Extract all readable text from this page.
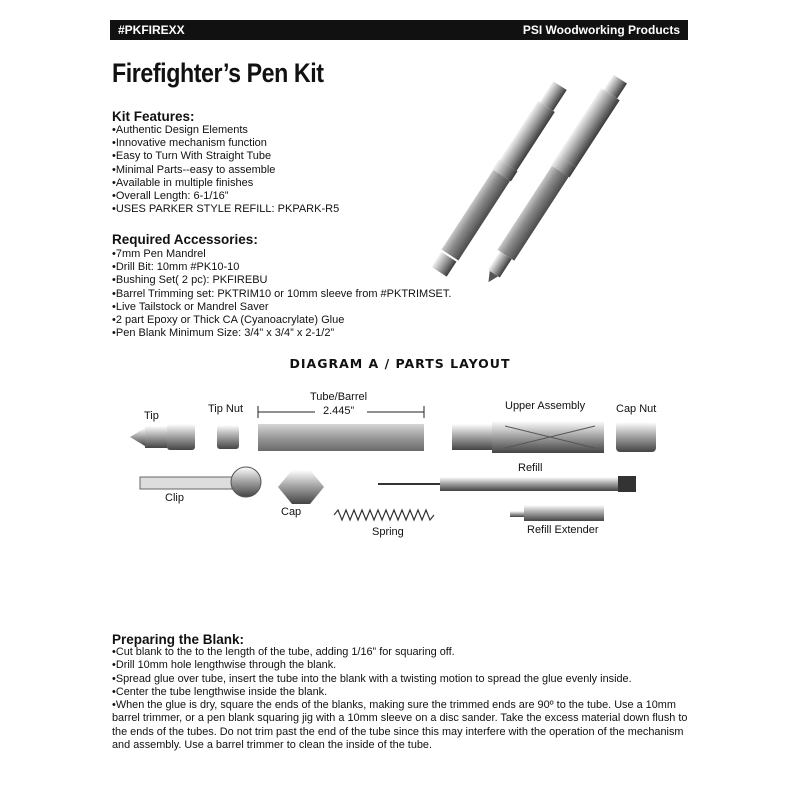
#PKFIREXX	PSI Woodworking Products
Firefighter’s Pen Kit
Kit Features:
• Authentic Design Elements
• Innovative mechanism function
• Easy to Turn With Straight Tube
• Minimal Parts--easy to assemble
• Available in multiple finishes
• Overall Length: 6-1/16”
• USES PARKER STYLE REFILL: PKPARK-R5
Required Accessories:
• 7mm Pen Mandrel
• Drill Bit: 10mm #PK10-10
• Bushing Set( 2 pc): PKFIREBU
• Barrel Trimming set: PKTRIM10 or 10mm sleeve from #PKTRIMSET.
• Live Tailstock or Mandrel Saver
• 2 part Epoxy or Thick CA (Cyanoacrylate) Glue
• Pen Blank Minimum Size: 3/4” x 3/4” x 2-1/2”
DIAGRAM A / PARTS LAYOUT
Tip
Tip Nut
Tube/Barrel
2.445”	Upper Assembly	Cap Nut
Refill
Clip
Cap
Spring	Refill Extender
Preparing the Blank:
• Cut blank to the to the length of the tube, adding 1/16” for squaring off.
• Drill 10mm hole lengthwise through the blank.
• Spread glue over tube, insert the tube into the blank with a twisting motion to spread the glue evenly inside.
• Center the tube lengthwise inside the blank.
• When the glue is dry, square the ends of the blanks, making sure the trimmed ends are 90º to the tube. Use a 10mm barrel trimmer, or a pen blank squaring jig with a 10mm sleeve on a disc sander. Take the excess material down flush to the ends of the tubes. Do not trim past the end of the tube since this may interfere with the operation of the mechanism and assembly. Use a barrel trimmer to clean the inside of the tube.
